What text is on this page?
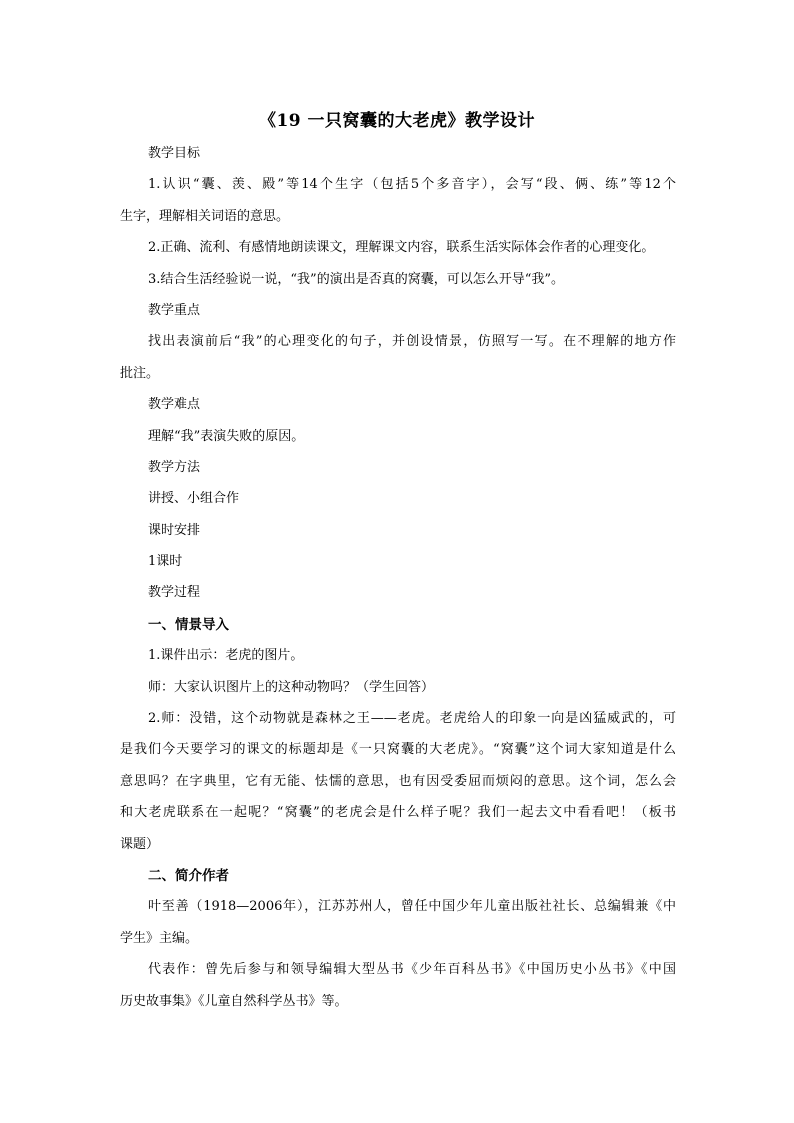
《19 一只窝囊的大老虎》教学设计
教学目标
1.认识“囊、羡、殿”等14个生字（包括5个多音字），会写“段、俩、练”等12个
生字，理解相关词语的意思。
2.正确、流利、有感情地朗读课文，理解课文内容，联系生活实际体会作者的心理变化。
3.结合生活经验说一说，“我”的演出是否真的窝囊，可以怎么开导“我”。
教学重点
找出表演前后“我”的心理变化的句子，并创设情景，仿照写一写。在不理解的地方作
批注。
教学难点
理解“我”表演失败的原因。
教学方法
讲授、小组合作
课时安排
1课时
教学过程
一、情景导入
1.课件出示：老虎的图片。
师：大家认识图片上的这种动物吗？（学生回答）
2.师：没错，这个动物就是森林之王——老虎。老虎给人的印象一向是凶猛威武的，可
是我们今天要学习的课文的标题却是《一只窝囊的大老虎》。“窝囊”这个词大家知道是什么
意思吗？在字典里，它有无能、怯懦的意思，也有因受委屈而烦闷的意思。这个词，怎么会
和大老虎联系在一起呢？“窝囊”的老虎会是什么样子呢？我们一起去文中看看吧！（板书
课题）
二、简介作者
叶至善（1918—2006年），江苏苏州人，曾任中国少年儿童出版社社长、总编辑兼《中
学生》主编。
代表作：曾先后参与和领导编辑大型丛书《少年百科丛书》《中国历史小丛书》《中国
历史故事集》《儿童自然科学丛书》等。
